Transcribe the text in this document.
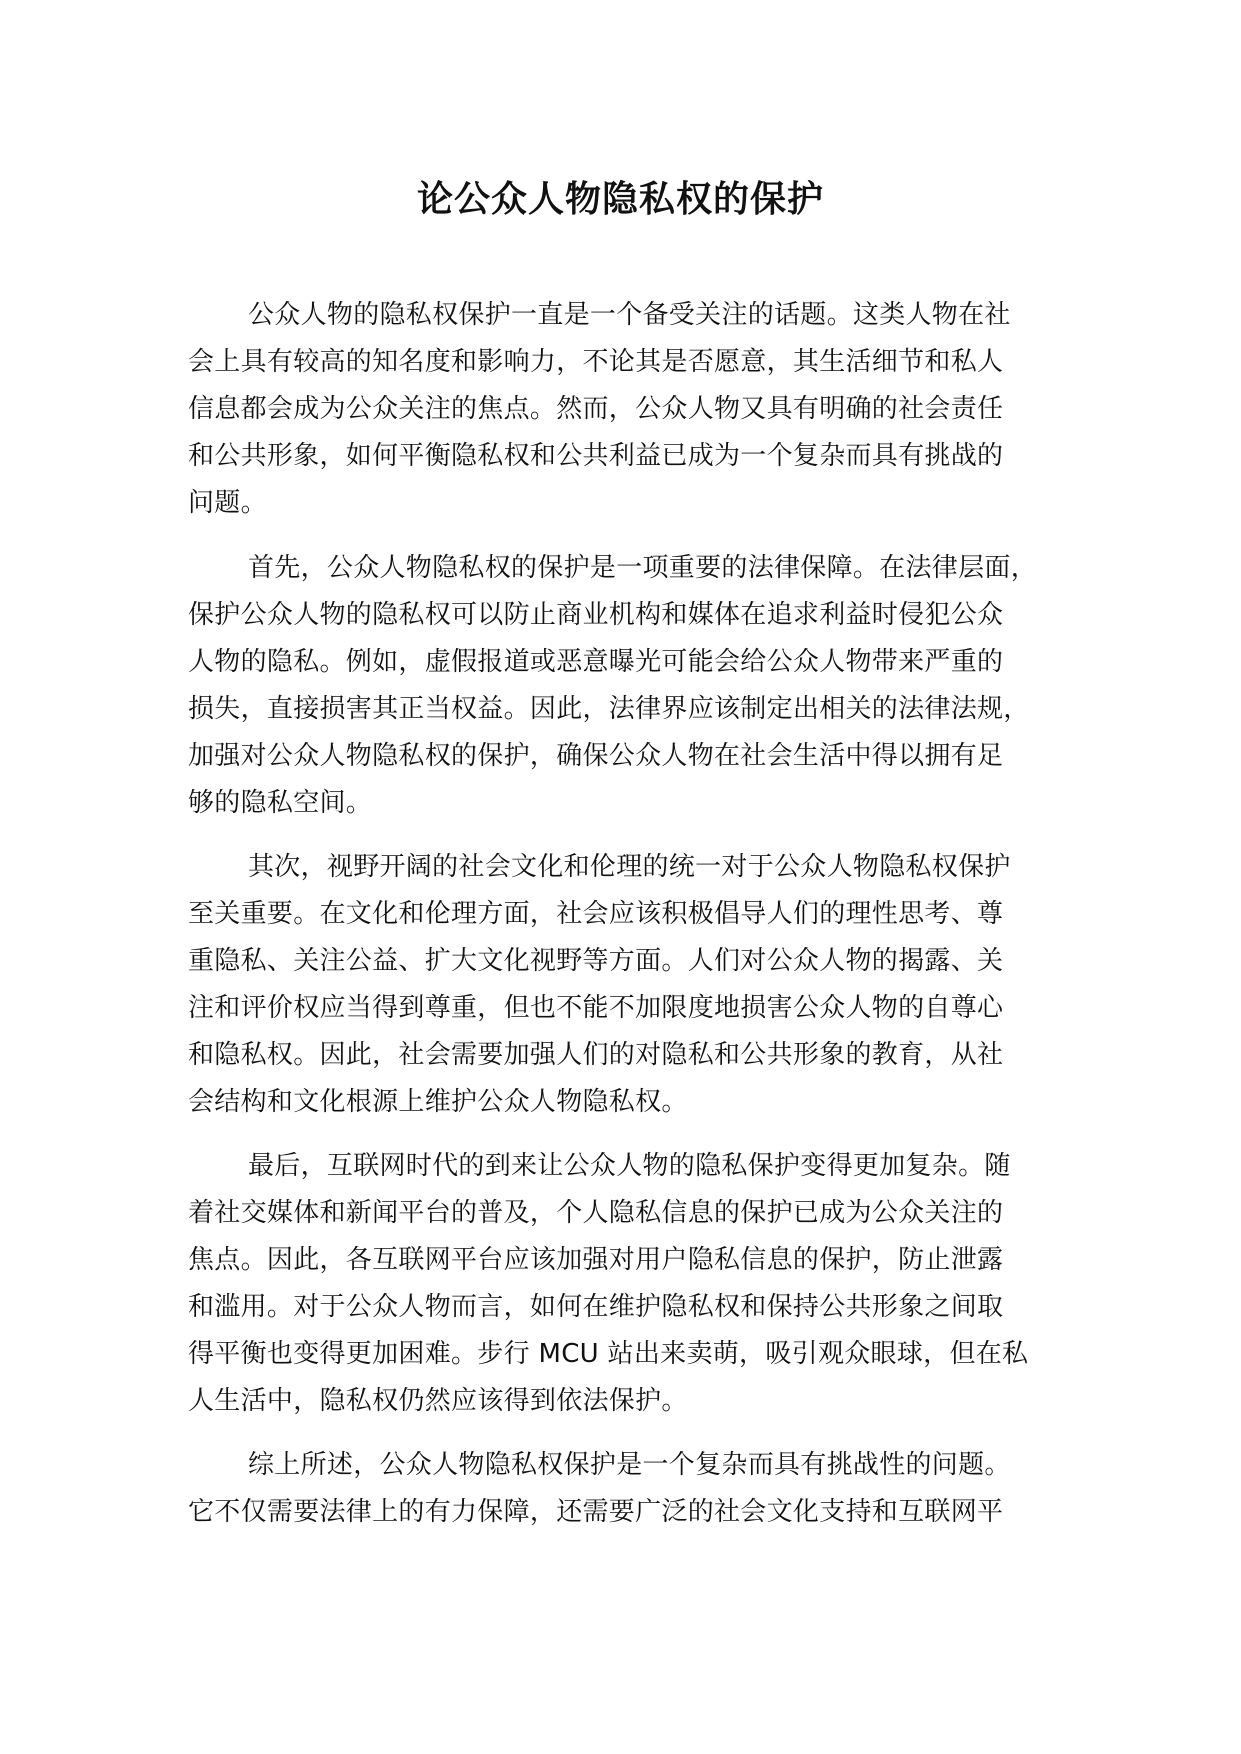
论公众人物隐私权的保护
公众人物的隐私权保护一直是一个备受关注的话题。这类人物在社
会上具有较高的知名度和影响力，不论其是否愿意，其生活细节和私人
信息都会成为公众关注的焦点。然而，公众人物又具有明确的社会责任
和公共形象，如何平衡隐私权和公共利益已成为一个复杂而具有挑战的
问题。
首先，公众人物隐私权的保护是一项重要的法律保障。在法律层面，
保护公众人物的隐私权可以防止商业机构和媒体在追求利益时侵犯公众
人物的隐私。例如，虚假报道或恶意曝光可能会给公众人物带来严重的
损失，直接损害其正当权益。因此，法律界应该制定出相关的法律法规，
加强对公众人物隐私权的保护，确保公众人物在社会生活中得以拥有足
够的隐私空间。
其次，视野开阔的社会文化和伦理的统一对于公众人物隐私权保护
至关重要。在文化和伦理方面，社会应该积极倡导人们的理性思考、尊
重隐私、关注公益、扩大文化视野等方面。人们对公众人物的揭露、关
注和评价权应当得到尊重，但也不能不加限度地损害公众人物的自尊心
和隐私权。因此，社会需要加强人们的对隐私和公共形象的教育，从社
会结构和文化根源上维护公众人物隐私权。
最后，互联网时代的到来让公众人物的隐私保护变得更加复杂。随
着社交媒体和新闻平台的普及，个人隐私信息的保护已成为公众关注的
焦点。因此，各互联网平台应该加强对用户隐私信息的保护，防止泄露
和滥用。对于公众人物而言，如何在维护隐私权和保持公共形象之间取
得平衡也变得更加困难。步行 MCU 站出来卖萌，吸引观众眼球，但在私
人生活中，隐私权仍然应该得到依法保护。
综上所述，公众人物隐私权保护是一个复杂而具有挑战性的问题。
它不仅需要法律上的有力保障，还需要广泛的社会文化支持和互联网平
